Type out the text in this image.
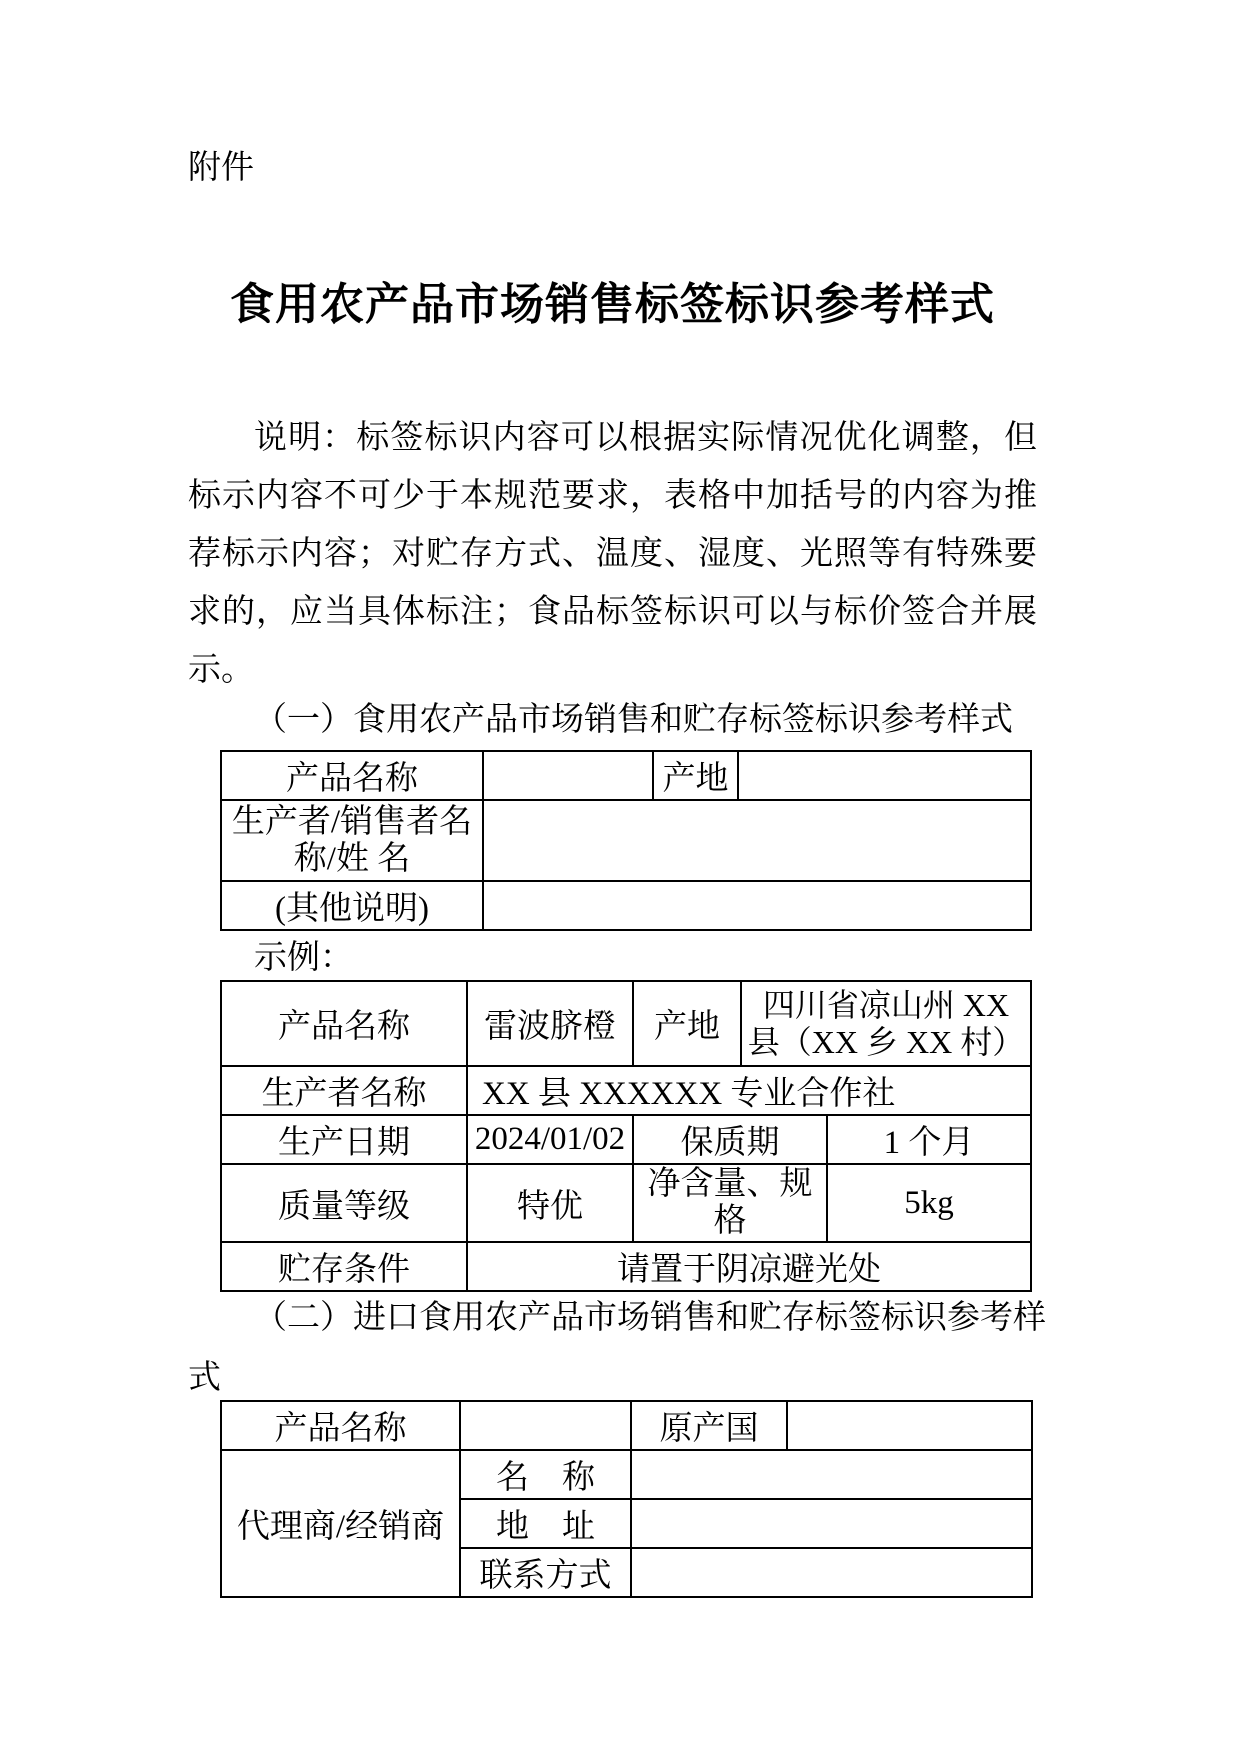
附件
食用农产品市场销售标签标识参考样式
说明：标签标识内容可以根据实际情况优化调整，但
标示内容不可少于本规范要求，表格中加括号的内容为推
荐标示内容；对贮存方式、温度、湿度、光照等有特殊要
求的，应当具体标注；食品标签标识可以与标价签合并展
示。
（一）食用农产品市场销售和贮存标签标识参考样式
产品名称		产地	

生产者/销售者名
称/姓 名			

(其他说明)			
示例：
产品名称	雷波脐橙	产地	四川省凉山州 XX
县（XX 乡 XX 村）	

生产者名称	XX 县 XXXXXX 专业合作社			
生产日期	2024/01/02	保质期		1 个月
质量等级	特优	净含量、规
格		5kg
贮存条件	请置于阴凉避光处			
（二）进口食用农产品市场销售和贮存标签标识参考样
式
产品名称		原产国	
代理商/经销商	名　称		
	地　址		
	联系方式		
